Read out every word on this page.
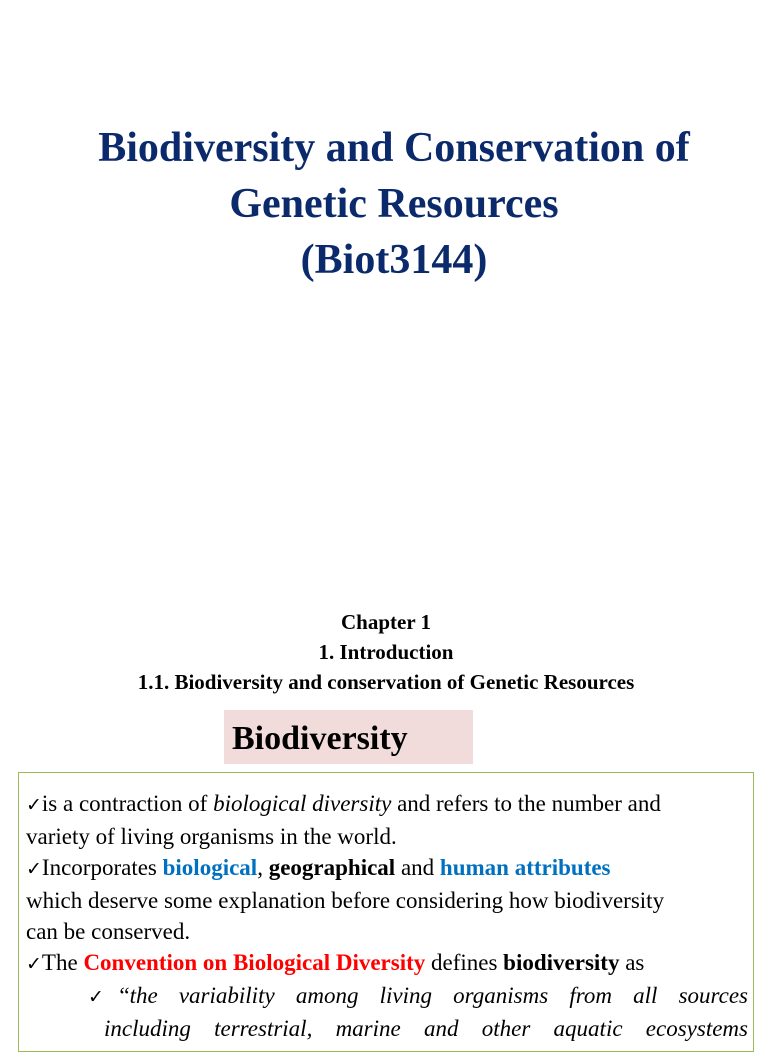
Biodiversity and Conservation of
Genetic Resources
(Biot3144)
Chapter 1
1. Introduction
1.1. Biodiversity and conservation of Genetic Resources
Biodiversity
✓is a contraction of biological diversity and refers to the number and
variety of living organisms in the world.
✓Incorporates biological, geographical and human attributes
which deserve some explanation before considering how biodiversity
can be conserved.
✓The Convention on Biological Diversity defines biodiversity as
✓“the variability among living organisms from all sources
including terrestrial, marine and other aquatic ecosystems
